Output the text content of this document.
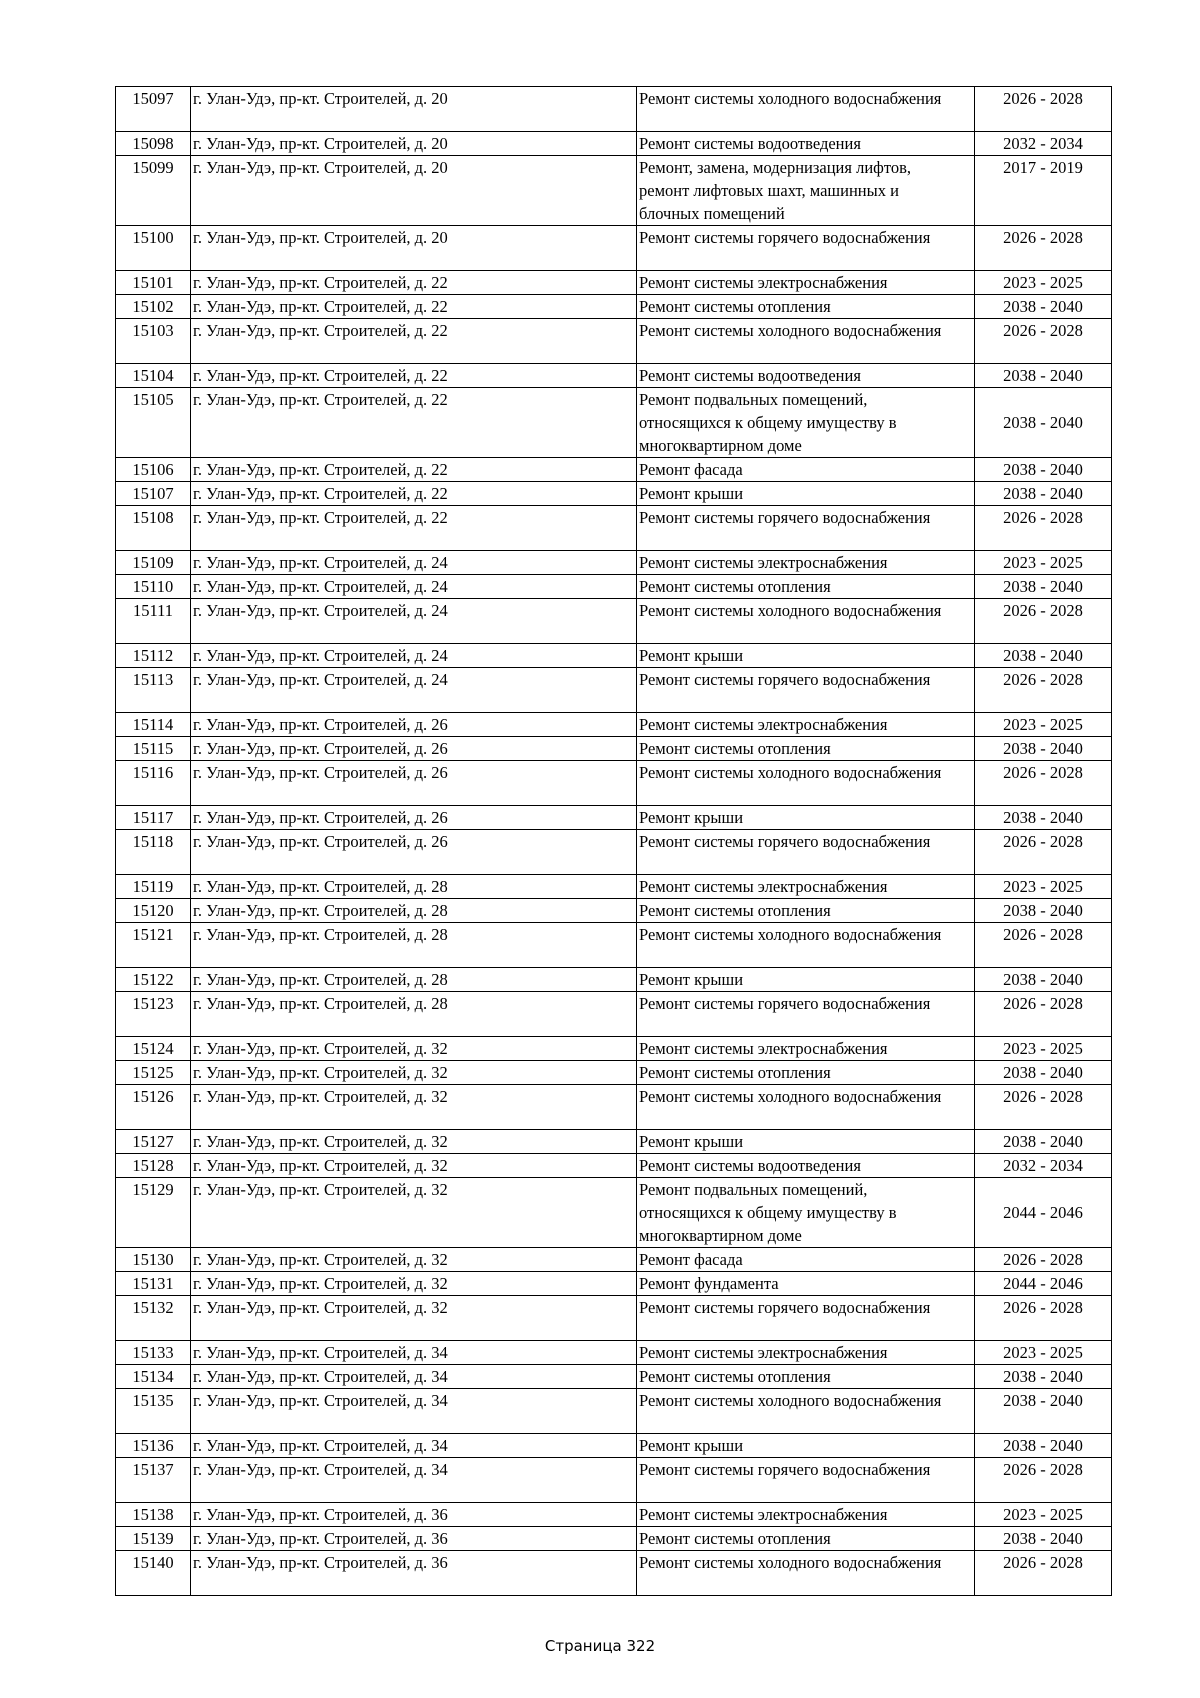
15097	г. Улан-Удэ, пр-кт. Строителей, д. 20	Ремонт системы холодного водоснабжения	2026 - 2028
15098	г. Улан-Удэ, пр-кт. Строителей, д. 20	Ремонт системы водоотведения	2032 - 2034
15099	г. Улан-Удэ, пр-кт. Строителей, д. 20	Ремонт, замена, модернизация лифтов,
ремонт лифтовых шахт, машинных и
блочных помещений	2017 - 2019
15100	г. Улан-Удэ, пр-кт. Строителей, д. 20	Ремонт системы горячего водоснабжения	2026 - 2028
15101	г. Улан-Удэ, пр-кт. Строителей, д. 22	Ремонт системы электроснабжения	2023 - 2025
15102	г. Улан-Удэ, пр-кт. Строителей, д. 22	Ремонт системы отопления	2038 - 2040
15103	г. Улан-Удэ, пр-кт. Строителей, д. 22	Ремонт системы холодного водоснабжения	2026 - 2028
15104	г. Улан-Удэ, пр-кт. Строителей, д. 22	Ремонт системы водоотведения	2038 - 2040
15105	г. Улан-Удэ, пр-кт. Строителей, д. 22	Ремонт подвальных помещений,
относящихся к общему имуществу в
многоквартирном доме	2038 - 2040
15106	г. Улан-Удэ, пр-кт. Строителей, д. 22	Ремонт фасада	2038 - 2040
15107	г. Улан-Удэ, пр-кт. Строителей, д. 22	Ремонт крыши	2038 - 2040
15108	г. Улан-Удэ, пр-кт. Строителей, д. 22	Ремонт системы горячего водоснабжения	2026 - 2028
15109	г. Улан-Удэ, пр-кт. Строителей, д. 24	Ремонт системы электроснабжения	2023 - 2025
15110	г. Улан-Удэ, пр-кт. Строителей, д. 24	Ремонт системы отопления	2038 - 2040
15111	г. Улан-Удэ, пр-кт. Строителей, д. 24	Ремонт системы холодного водоснабжения	2026 - 2028
15112	г. Улан-Удэ, пр-кт. Строителей, д. 24	Ремонт крыши	2038 - 2040
15113	г. Улан-Удэ, пр-кт. Строителей, д. 24	Ремонт системы горячего водоснабжения	2026 - 2028
15114	г. Улан-Удэ, пр-кт. Строителей, д. 26	Ремонт системы электроснабжения	2023 - 2025
15115	г. Улан-Удэ, пр-кт. Строителей, д. 26	Ремонт системы отопления	2038 - 2040
15116	г. Улан-Удэ, пр-кт. Строителей, д. 26	Ремонт системы холодного водоснабжения	2026 - 2028
15117	г. Улан-Удэ, пр-кт. Строителей, д. 26	Ремонт крыши	2038 - 2040
15118	г. Улан-Удэ, пр-кт. Строителей, д. 26	Ремонт системы горячего водоснабжения	2026 - 2028
15119	г. Улан-Удэ, пр-кт. Строителей, д. 28	Ремонт системы электроснабжения	2023 - 2025
15120	г. Улан-Удэ, пр-кт. Строителей, д. 28	Ремонт системы отопления	2038 - 2040
15121	г. Улан-Удэ, пр-кт. Строителей, д. 28	Ремонт системы холодного водоснабжения	2026 - 2028
15122	г. Улан-Удэ, пр-кт. Строителей, д. 28	Ремонт крыши	2038 - 2040
15123	г. Улан-Удэ, пр-кт. Строителей, д. 28	Ремонт системы горячего водоснабжения	2026 - 2028
15124	г. Улан-Удэ, пр-кт. Строителей, д. 32	Ремонт системы электроснабжения	2023 - 2025
15125	г. Улан-Удэ, пр-кт. Строителей, д. 32	Ремонт системы отопления	2038 - 2040
15126	г. Улан-Удэ, пр-кт. Строителей, д. 32	Ремонт системы холодного водоснабжения	2026 - 2028
15127	г. Улан-Удэ, пр-кт. Строителей, д. 32	Ремонт крыши	2038 - 2040
15128	г. Улан-Удэ, пр-кт. Строителей, д. 32	Ремонт системы водоотведения	2032 - 2034
15129	г. Улан-Удэ, пр-кт. Строителей, д. 32	Ремонт подвальных помещений,
относящихся к общему имуществу в
многоквартирном доме	2044 - 2046
15130	г. Улан-Удэ, пр-кт. Строителей, д. 32	Ремонт фасада	2026 - 2028
15131	г. Улан-Удэ, пр-кт. Строителей, д. 32	Ремонт фундамента	2044 - 2046
15132	г. Улан-Удэ, пр-кт. Строителей, д. 32	Ремонт системы горячего водоснабжения	2026 - 2028
15133	г. Улан-Удэ, пр-кт. Строителей, д. 34	Ремонт системы электроснабжения	2023 - 2025
15134	г. Улан-Удэ, пр-кт. Строителей, д. 34	Ремонт системы отопления	2038 - 2040
15135	г. Улан-Удэ, пр-кт. Строителей, д. 34	Ремонт системы холодного водоснабжения	2038 - 2040
15136	г. Улан-Удэ, пр-кт. Строителей, д. 34	Ремонт крыши	2038 - 2040
15137	г. Улан-Удэ, пр-кт. Строителей, д. 34	Ремонт системы горячего водоснабжения	2026 - 2028
15138	г. Улан-Удэ, пр-кт. Строителей, д. 36	Ремонт системы электроснабжения	2023 - 2025
15139	г. Улан-Удэ, пр-кт. Строителей, д. 36	Ремонт системы отопления	2038 - 2040
15140	г. Улан-Удэ, пр-кт. Строителей, д. 36	Ремонт системы холодного водоснабжения	2026 - 2028
Страница 322
